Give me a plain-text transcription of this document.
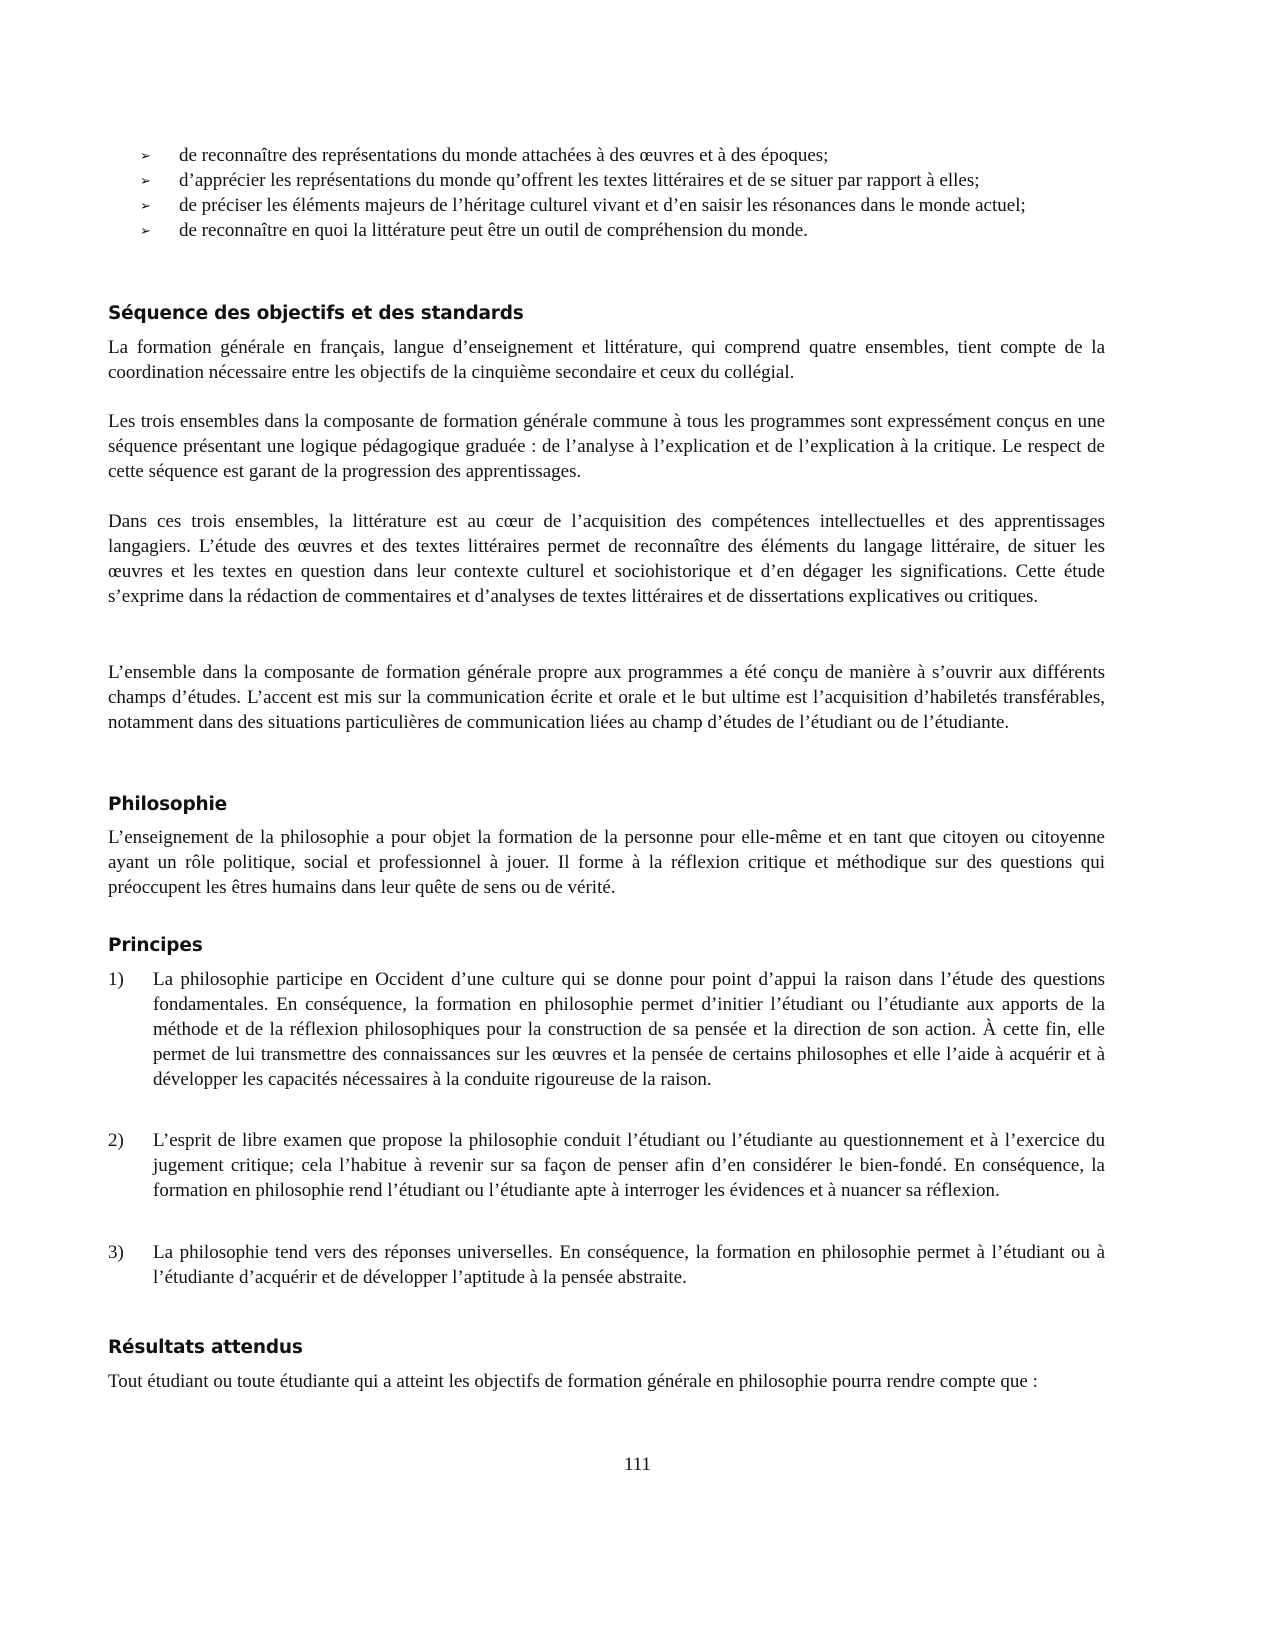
➢ de reconnaître des représentations du monde attachées à des œuvres et à des époques;
➢ d’apprécier les représentations du monde qu’offrent les textes littéraires et de se situer par rapport à elles;
➢ de préciser les éléments majeurs de l’héritage culturel vivant et d’en saisir les résonances dans le monde actuel;
➢ de reconnaître en quoi la littérature peut être un outil de compréhension du monde.
Séquence des objectifs et des standards

La formation générale en français, langue d’enseignement et littérature, qui comprend quatre ensembles, tient compte de la coordination nécessaire entre les objectifs de la cinquième secondaire et ceux du collégial.

Les trois ensembles dans la composante de formation générale commune à tous les programmes sont expressément conçus en une séquence présentant une logique pédagogique graduée : de l’analyse à l’explication et de l’explication à la critique. Le respect de cette séquence est garant de la progression des apprentissages.

Dans ces trois ensembles, la littérature est au cœur de l’acquisition des compétences intellectuelles et des apprentissages langagiers. L’étude des œuvres et des textes littéraires permet de reconnaître des éléments du langage littéraire, de situer les œuvres et les textes en question dans leur contexte culturel et sociohistorique et d’en dégager les significations. Cette étude s’exprime dans la rédaction de commentaires et d’analyses de textes littéraires et de dissertations explicatives ou critiques.

L’ensemble dans la composante de formation générale propre aux programmes a été conçu de manière à s’ouvrir aux différents champs d’études. L’accent est mis sur la communication écrite et orale et le but ultime est l’acquisition d’habiletés transférables, notamment dans des situations particulières de communication liées au champ d’études de l’étudiant ou de l’étudiante.

Philosophie

L’enseignement de la philosophie a pour objet la formation de la personne pour elle-même et en tant que citoyen ou citoyenne ayant un rôle politique, social et professionnel à jouer. Il forme à la réflexion critique et méthodique sur des questions qui préoccupent les êtres humains dans leur quête de sens ou de vérité.

Principes
1) La philosophie participe en Occident d’une culture qui se donne pour point d’appui la raison dans l’étude des questions fondamentales. En conséquence, la formation en philosophie permet d’initier l’étudiant ou l’étudiante aux apports de la méthode et de la réflexion philosophiques pour la construction de sa pensée et la direction de son action. À cette fin, elle permet de lui transmettre des connaissances sur les œuvres et la pensée de certains philosophes et elle l’aide à acquérir et à développer les capacités nécessaires à la conduite rigoureuse de la raison.
2) L’esprit de libre examen que propose la philosophie conduit l’étudiant ou l’étudiante au questionnement et à l’exercice du jugement critique; cela l’habitue à revenir sur sa façon de penser afin d’en considérer le bien-fondé. En conséquence, la formation en philosophie rend l’étudiant ou l’étudiante apte à interroger les évidences et à nuancer sa réflexion.
3) La philosophie tend vers des réponses universelles. En conséquence, la formation en philosophie permet à l’étudiant ou à l’étudiante d’acquérir et de développer l’aptitude à la pensée abstraite.
Résultats attendus

Tout étudiant ou toute étudiante qui a atteint les objectifs de formation générale en philosophie pourra rendre compte que :

111
